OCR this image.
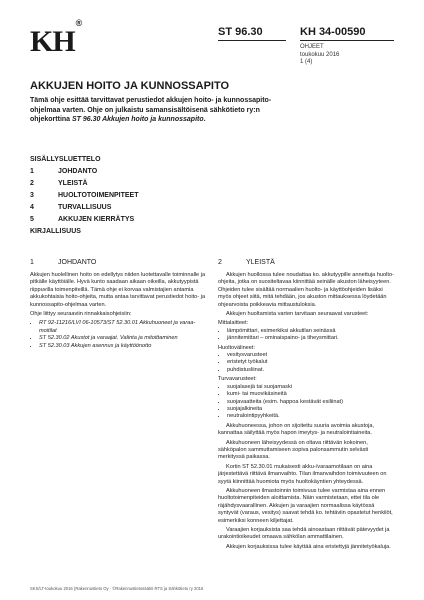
KH®
ST 96.30	KH 34-00590
OHJEET
toukokuu 2016
1 (4)
AKKUJEN HOITO JA KUNNOSSAPITO
Tämä ohje esittää tarvittavat perustiedot akkujen hoito- ja kunnossapito-ohjelmaa varten. Ohje on julkaistu samansisältöisenä sähkötieto ry:n ohjekorttina ST 96.30 Akkujen hoito ja kunnossapito.
SISÄLLYSLUETTELO
1	JOHDANTO
2	YLEISTÄ
3	HUOLTOTOIMENPITEET
4	TURVALLISUUS
5	AKKUJEN KIERRÄTYS
KIRJALLISUUS
1	JOHDANTO

Akkujen huolellinen hoito on edellytys niiden luotettavalle toiminnalle ja pitkälle käyttöiälle. Hyvä kunto saadaan aikaan oikeilla, akkutyypistä riippuvilla toimenpiteillä. Tämä ohje ei korvaa valmistajien antamia akkukohtaisia hoito-ohjeita, mutta antaa tarvittavat perustiedot hoito- ja kunnossapito-ohjelmaa varten.

Ohje liittyy seuraaviin rinnakkaisohjeisiin:

• RT 92-11216/LVI 06-10573/ST 52.30.01 Akkuhuoneet ja varaamoitilat
• ST 52.30.02 Akustot ja varaajat. Valinta ja mitoittaminen
• ST 52.30.03 Akkujen asennus ja käyttöönotto
2	YLEISTÄ

Akkujen huollossa tulee noudattaa ko. akkutyypille annettuja huolto-ohjeita, jotka on suositeltavaa kiinnittää seinälle akuston läheisyyteen. Ohjeiden tulee sisältää normaalien huolto- ja käyttöohjeiden lisäksi myös ohjeet siitä, mitä tehdään, jos akuston mittauksessa löydetään ohjearvoista poikkeavia mittaustuloksia.

Akkujen huoltamista varten tarvitaan seuraavat varusteet:

Mittalaitteet:

• lämpömittari, esimerkiksi akkutilan seinässä
• jännitemittari – ominaispaino- ja tiheysmittari.

Huoltovälineet:

• vesitysvarusteet
• eristetyt työkalut
• puhdistusliinat.

Turvavarusteet:

• suojalasejä tai suojamaski
• kumi- tai muovikäsineitä
• suojavaatteita (esim. happoa kestävät esiliinat)
• suojajalkineita
• neutralointipyyhkeitä.

Akkuhuoneessa, johon on sijoitettu suuria avoimia akustoja, kannattaa säilyttää myös hapon imeytys- ja neutralointiaineita.

Akkuhuoneen läheisyydessä on oltava riittävän kokoinen, sähköpalon sammuttamiseen sopiva palonsammutin selvästi merkityssä paikassa.

Kortin ST 52.30.01 mukaisesti akku-/varaamotilaan on aina järjestettävä riittävä ilmanvaihto. Tilan ilmanvaihdon toimivuuteen on syytä kiinnittää huomiota myös huoltokäyntien yhteydessä.

Akkuhuoneen ilmastoinnin toimivuus tulee varmistaa aina ennen huoltotoimenpiteiden aloittamista. Näin varmistetaan, ettei tila ole räjähdysvaarallinen. Akkujen ja varaajien normaalissa käytössä syntyvät (varaus, vesitys) saavat tehdä ko. tehtäviin opastetut henkilöt, esimerkiksi konneen kiljettajat.

Varaajien korjauksista saa tehdä ainoastaan riittävät pätevyydet ja urakointioikeudet omaava sähkölan ammattilainen.

Akkujen korjauksissa tulee käyttää aina eristettyjä jännitetyökaluja.

SKS/LT-toukokuu 2016 (Rakennustieto Oy · ©Rakennustietosäätiö RTS ja Sähkötieto ry 2016
